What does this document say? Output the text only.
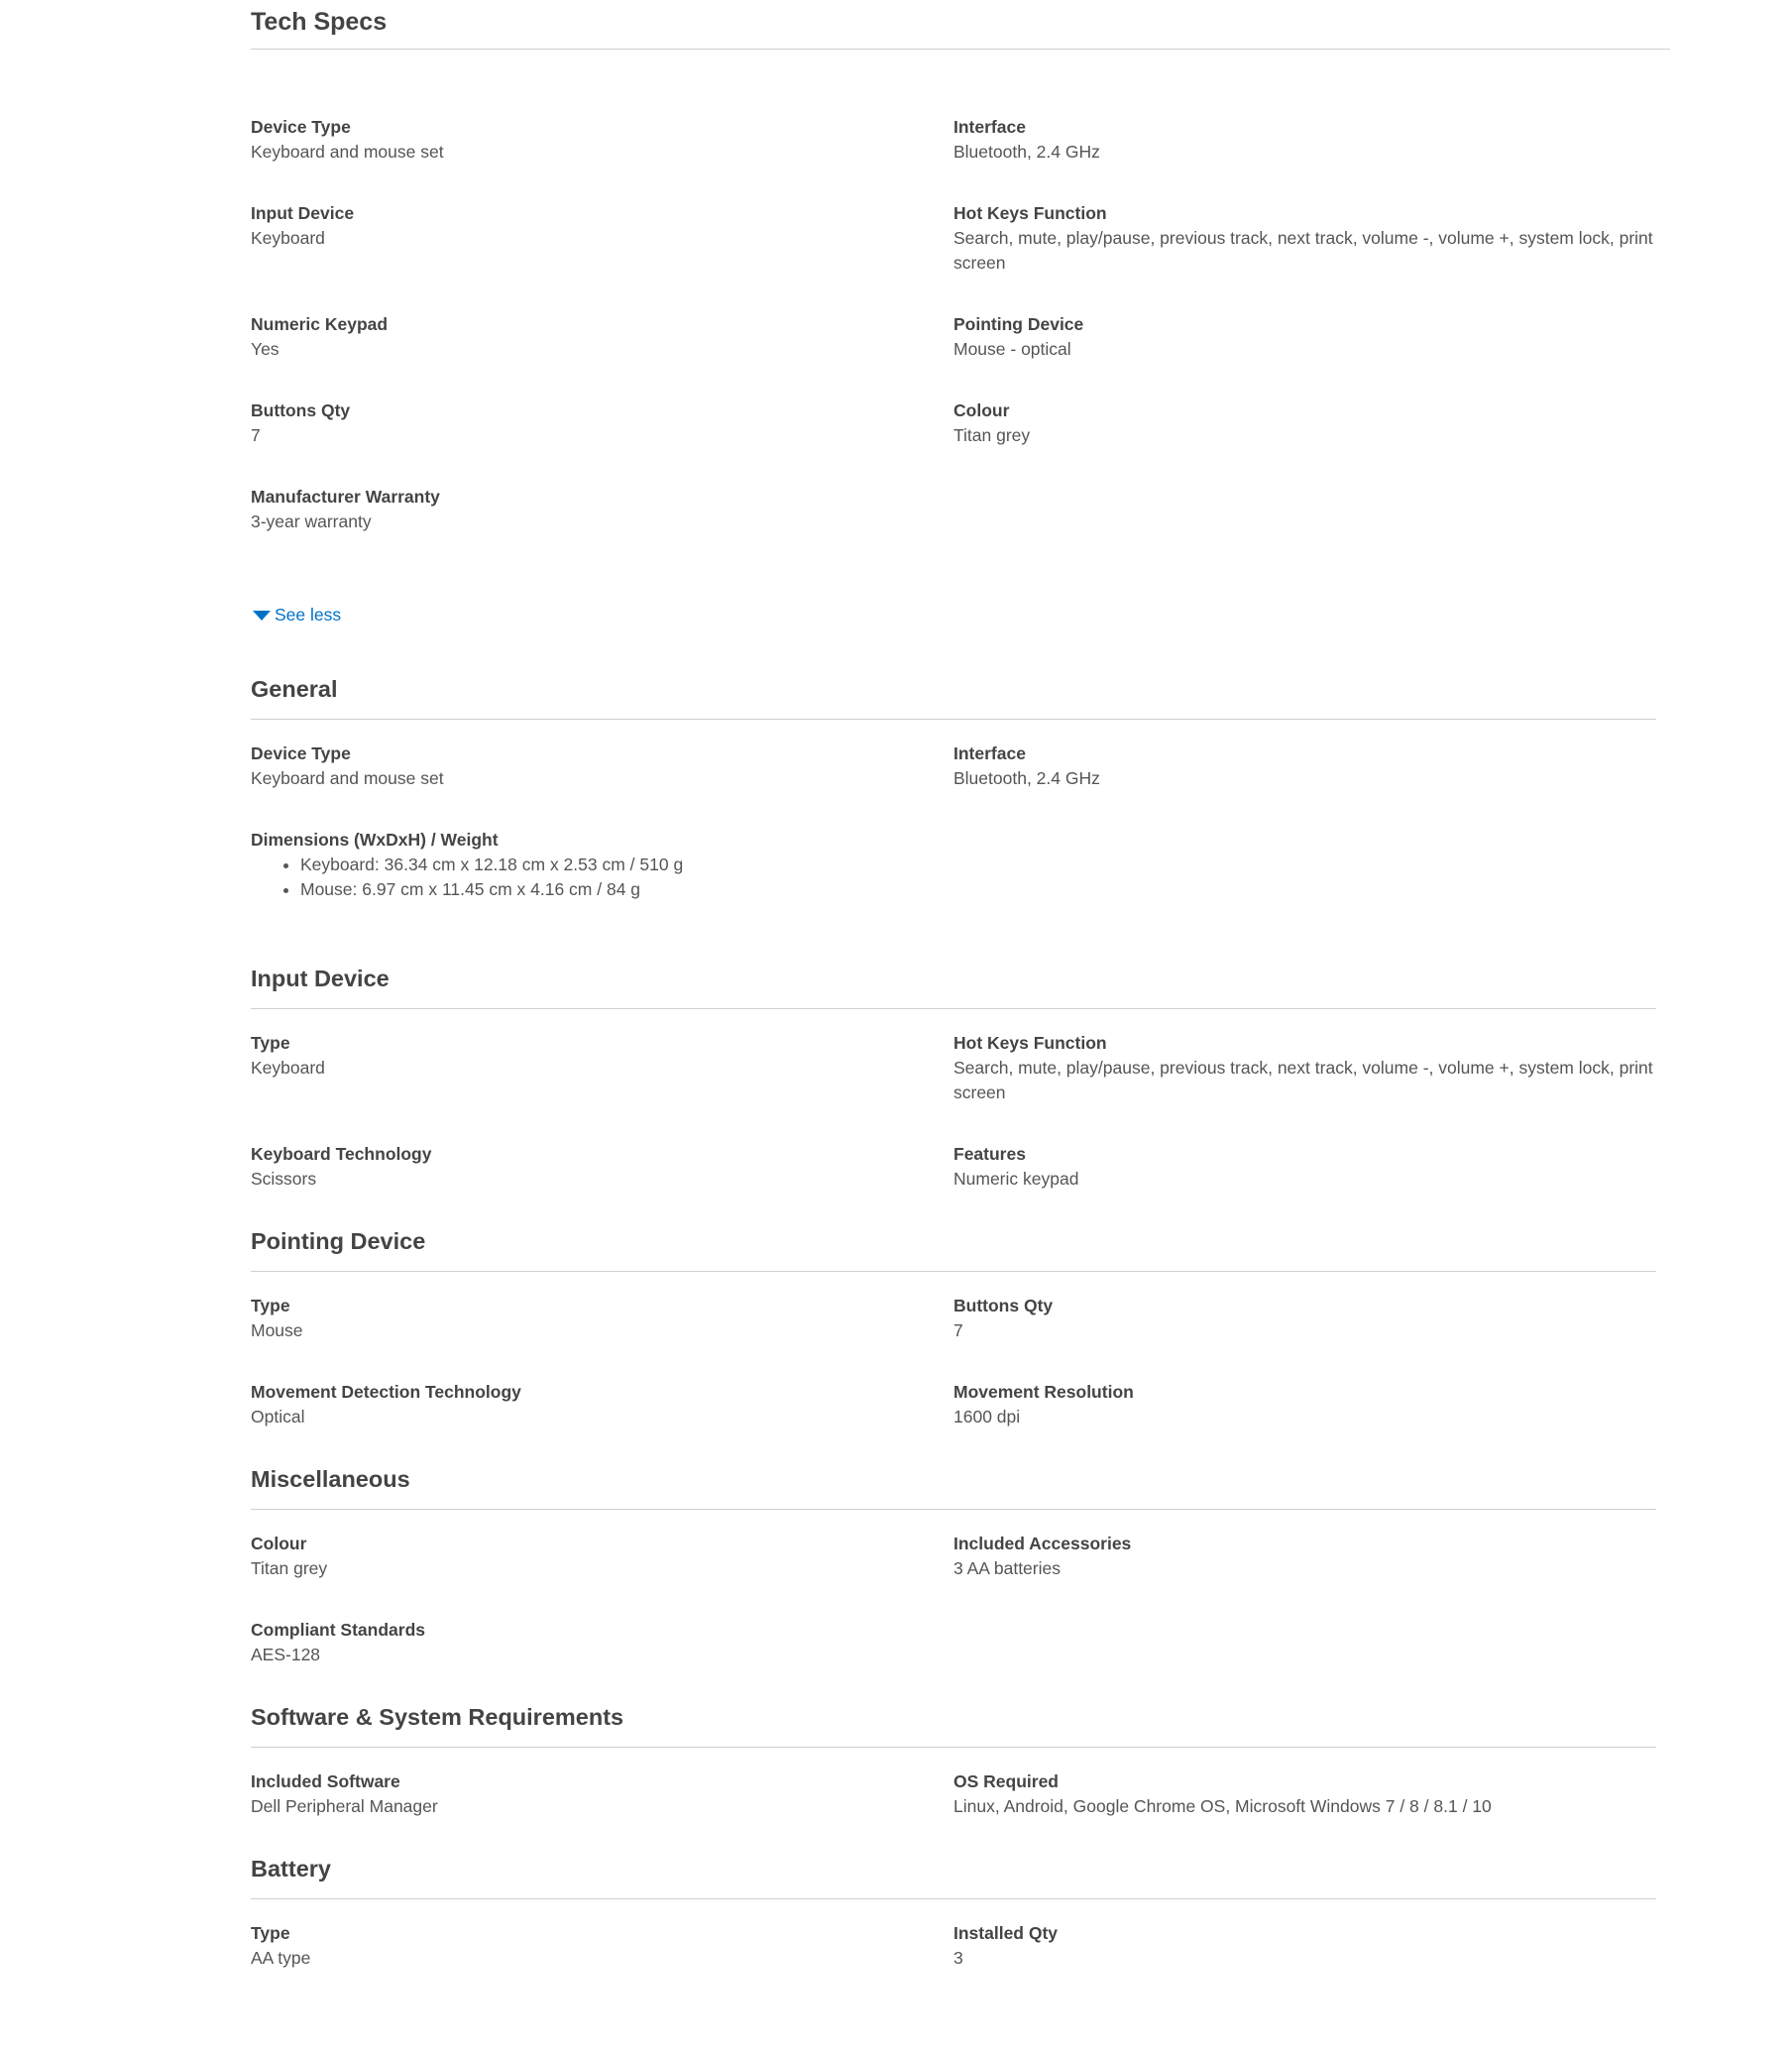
Tech Specs
Device Type
Keyboard and mouse set
Interface
Bluetooth, 2.4 GHz
Input Device
Keyboard
Hot Keys Function
Search, mute, play/pause, previous track, next track, volume -, volume +, system lock, print screen
Numeric Keypad
Yes
Pointing Device
Mouse - optical
Buttons Qty
7
Colour
Titan grey
Manufacturer Warranty
3-year warranty
See less
General
Device Type
Keyboard and mouse set
Interface
Bluetooth, 2.4 GHz
Dimensions (WxDxH) / Weight
• Keyboard: 36.34 cm x 12.18 cm x 2.53 cm / 510 g
• Mouse: 6.97 cm x 11.45 cm x 4.16 cm / 84 g
Input Device
Type
Keyboard
Hot Keys Function
Search, mute, play/pause, previous track, next track, volume -, volume +, system lock, print screen
Keyboard Technology
Scissors
Features
Numeric keypad
Pointing Device
Type
Mouse
Buttons Qty
7
Movement Detection Technology
Optical
Movement Resolution
1600 dpi
Miscellaneous
Colour
Titan grey
Included Accessories
3 AA batteries
Compliant Standards
AES-128
Software & System Requirements
Included Software
Dell Peripheral Manager
OS Required
Linux, Android, Google Chrome OS, Microsoft Windows 7 / 8 / 8.1 / 10
Battery
Type
AA type
Installed Qty
3
